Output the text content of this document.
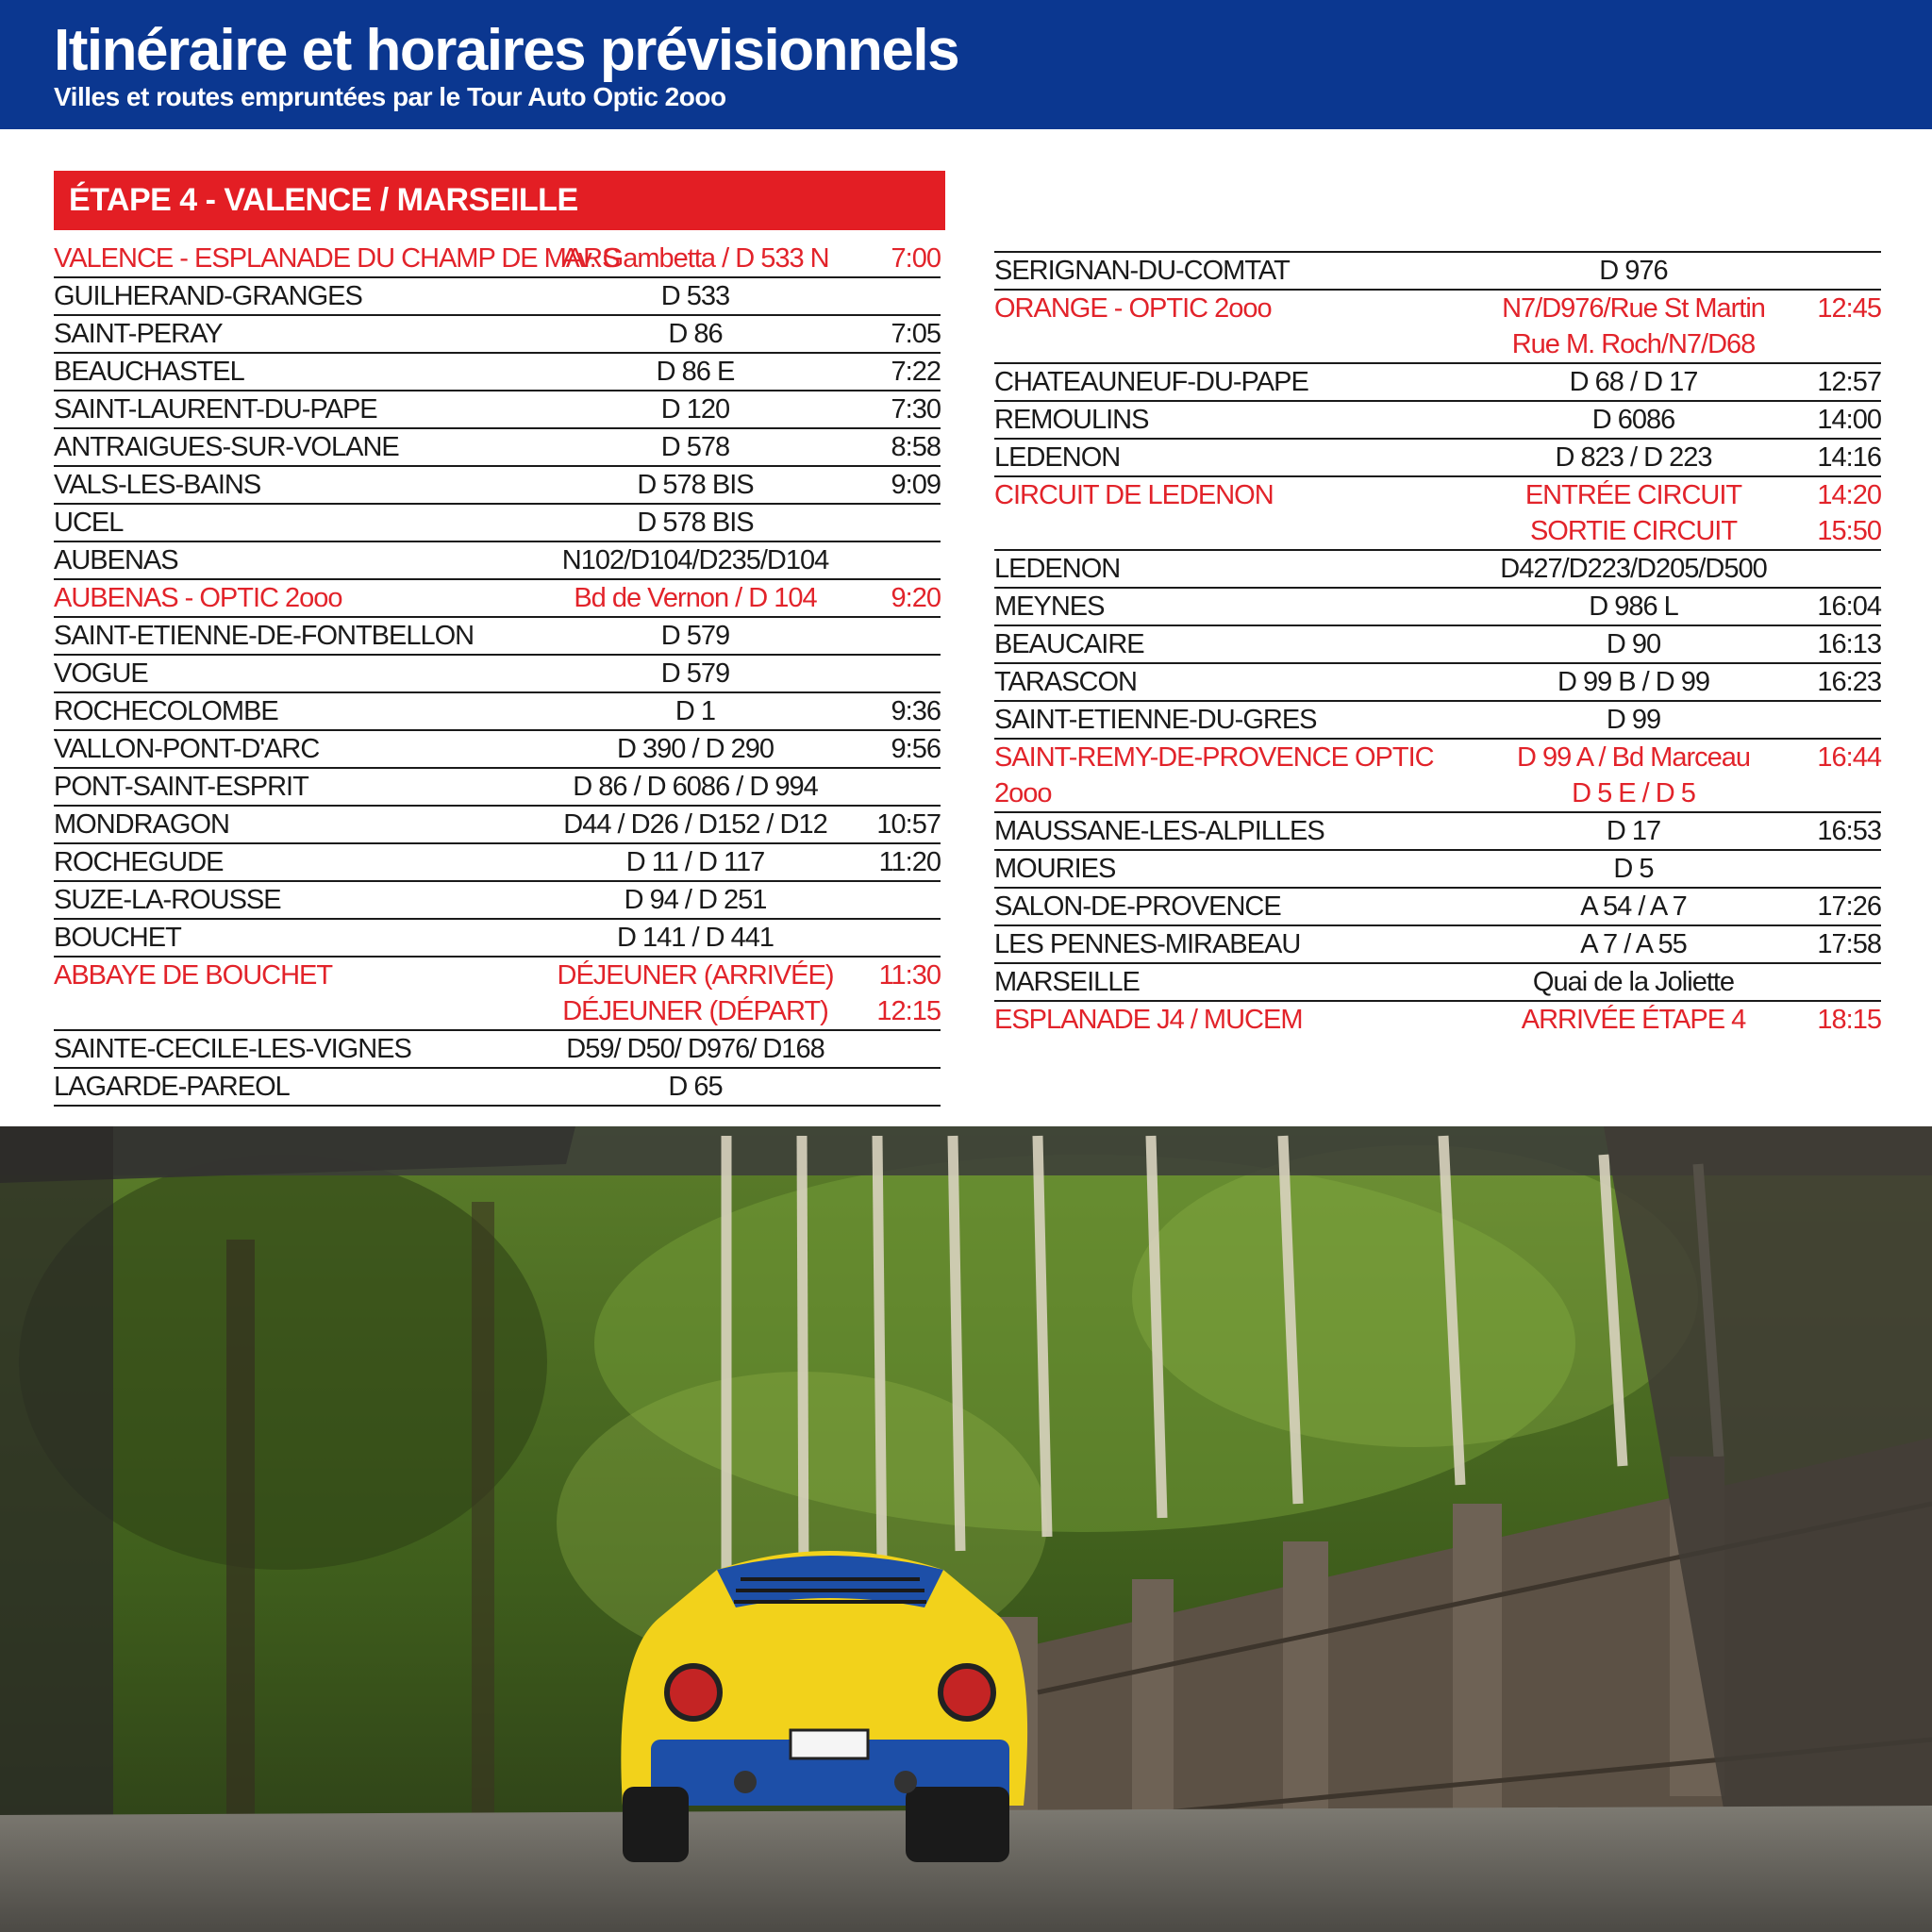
Itinéraire et horaires prévisionnels
Villes et routes empruntées par le Tour Auto Optic 2ooo
ÉTAPE 4 - VALENCE / MARSEILLE
VALENCE - ESPLANADE DU CHAMP DE MARS	Av. Gambetta / D 533 N	7:00
GUILHERAND-GRANGES	D 533	
SAINT-PERAY	D 86	7:05
BEAUCHASTEL	D 86 E	7:22
SAINT-LAURENT-DU-PAPE	D 120	7:30
ANTRAIGUES-SUR-VOLANE	D 578	8:58
VALS-LES-BAINS	D 578 BIS	9:09
UCEL	D 578 BIS	
AUBENAS	N102/D104/D235/D104	
AUBENAS - OPTIC 2ooo	Bd de Vernon / D 104	9:20
SAINT-ETIENNE-DE-FONTBELLON	D 579	
VOGUE	D 579	
ROCHECOLOMBE	D 1	9:36
VALLON-PONT-D'ARC	D 390 / D 290	9:56
PONT-SAINT-ESPRIT	D 86 / D 6086 / D 994	
MONDRAGON	D44 / D26 / D152 / D12	10:57
ROCHEGUDE	D 11 / D 117	11:20
SUZE-LA-ROUSSE	D 94 / D 251	
BOUCHET	D 141 / D 441	
ABBAYE DE BOUCHET	DÉJEUNER (ARRIVÉE)	11:30
	DÉJEUNER (DÉPART)	12:15
SAINTE-CECILE-LES-VIGNES	D59/ D50/ D976/ D168	
LAGARDE-PAREOL	D 65	
SERIGNAN-DU-COMTAT	D 976	
ORANGE - OPTIC 2ooo	N7/D976/Rue St Martin	12:45
	Rue M. Roch/N7/D68	
CHATEAUNEUF-DU-PAPE	D 68 / D 17	12:57
REMOULINS	D 6086	14:00
LEDENON	D 823 / D 223	14:16
CIRCUIT DE LEDENON	ENTRÉE CIRCUIT	14:20
	SORTIE CIRCUIT	15:50
LEDENON	D427/D223/D205/D500	
MEYNES	D 986 L	16:04
BEAUCAIRE	D 90	16:13
TARASCON	D 99 B / D 99	16:23
SAINT-ETIENNE-DU-GRES	D 99	
SAINT-REMY-DE-PROVENCE OPTIC	D 99 A / Bd Marceau	16:44
2ooo	D 5 E / D 5	
MAUSSANE-LES-ALPILLES	D 17	16:53
MOURIES	D 5	
SALON-DE-PROVENCE	A 54 / A 7	17:26
LES PENNES-MIRABEAU	A 7 / A 55	17:58
MARSEILLE	Quai de la Joliette	
ESPLANADE J4 / MUCEM	ARRIVÉE ÉTAPE 4	18:15
